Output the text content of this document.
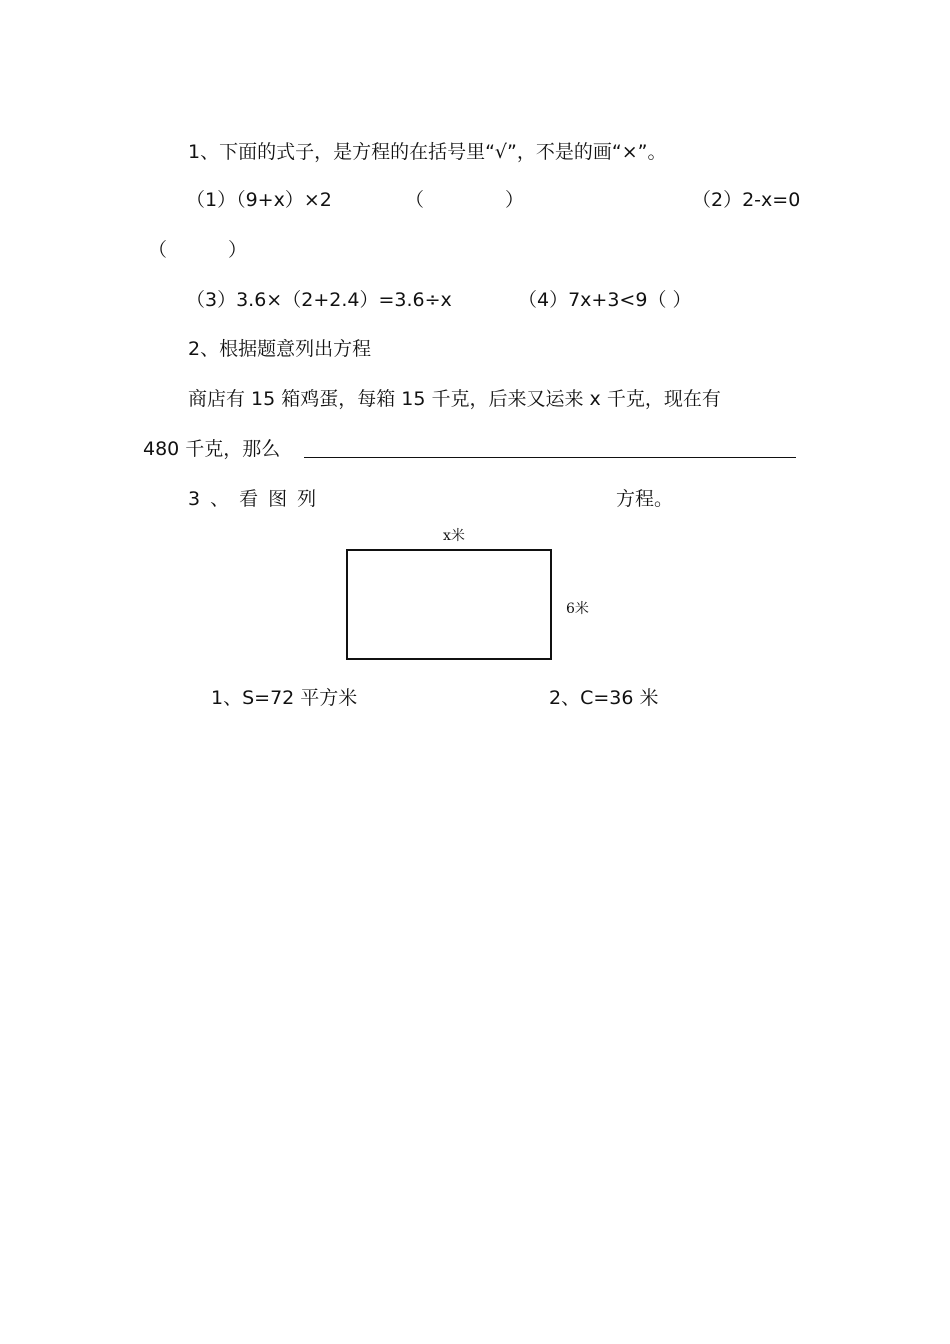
1、下面的式子，是方程的在括号里“√”，不是的画“×”。
（1）（9+x）×2	（	）	（2）2-x=0
（	）
（3）3.6×（2+2.4）=3.6÷x	（4）7x+3<9（ ）
2、根据题意列出方程
商店有 15 箱鸡蛋，每箱 15 千克，后来又运来 x 千克，现在有
480 千克，那么
3、看图列	方程。
x米
6米
1、S=72 平方米	2、C=36 米
